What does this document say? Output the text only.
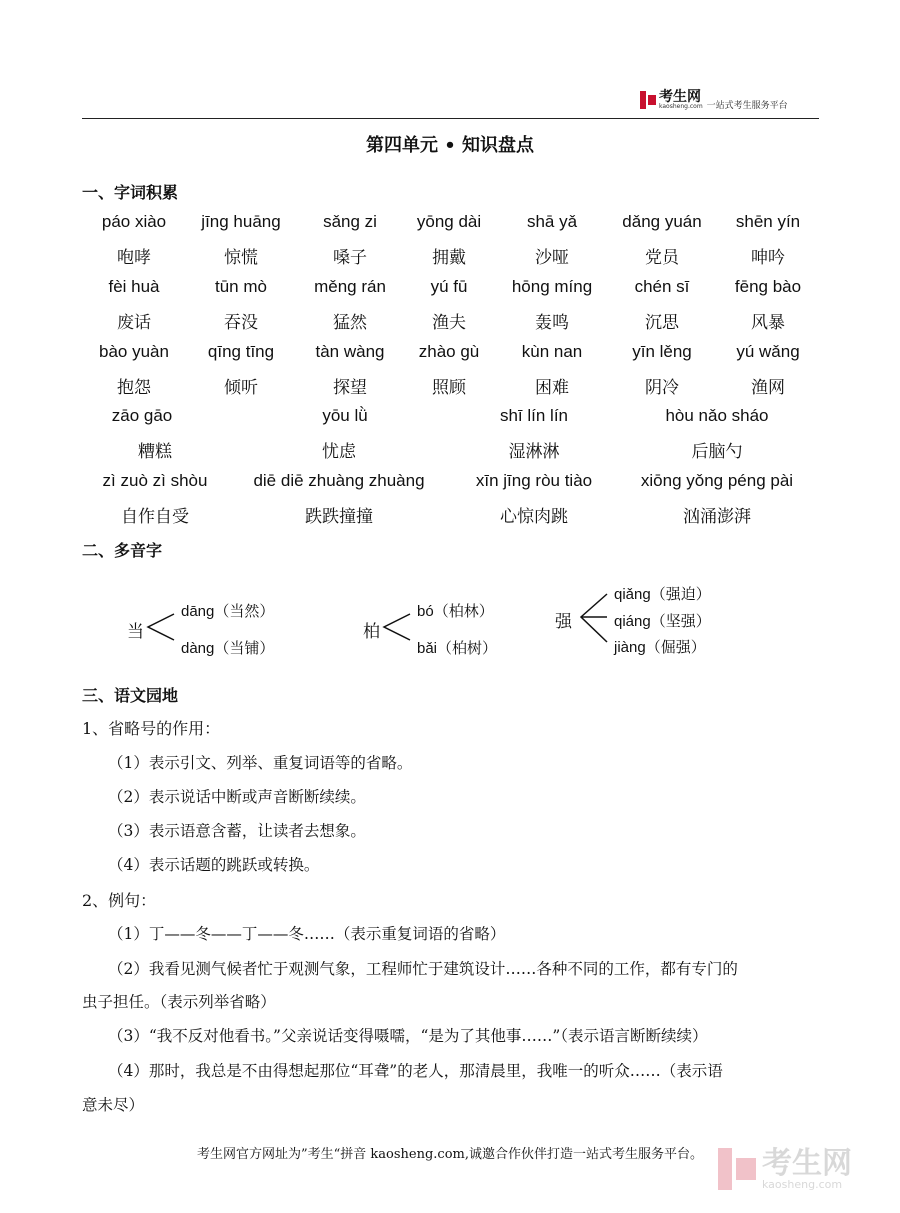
考生网
kaosheng.com 一站式考生服务平台
第四单元 • 知识盘点
一、字词积累
páo xiào
咆哮
jīng huāng
惊慌
sǎng zi
嗓子
yōng dài
拥戴
shā yǎ
沙哑
dǎng yuán
党员
shēn yín
呻吟
fèi huà
废话
tūn mò
吞没
měng rán
猛然
yú fū
渔夫
hōng míng
轰鸣
chén sī
沉思
fēng bào
风暴
bào yuàn
抱怨
qīng tīng
倾听
tàn wàng
探望
zhào gù
照顾
kùn nan
困难
yīn lěng
阴冷
yú wǎng
渔网
zāo gāo
糟糕
yōu lǜ
忧虑
shī lín lín
湿淋淋
hòu nǎo sháo
后脑勺
zì zuò zì shòu
自作自受
diē diē zhuàng zhuàng
跌跌撞撞
xīn jīng ròu tiào
心惊肉跳
xiōng yǒng péng pài
汹涌澎湃
二、多音字
当
dāng（当然）
dàng（当铺）
柏
bó（柏林）
bǎi（柏树）
强
qiǎng（强迫）
qiáng（坚强）
jiàng（倔强）
三、语文园地
1、省略号的作用：
（1）表示引文、列举、重复词语等的省略。
（2）表示说话中断或声音断断续续。
（3）表示语意含蓄，让读者去想象。
（4）表示话题的跳跃或转换。
2、例句：
（1）丁——冬——丁——冬……（表示重复词语的省略）
（2）我看见测气候者忙于观测气象，工程师忙于建筑设计……各种不同的工作，都有专门的
虫子担任。（表示列举省略）
（3）“我不反对他看书。”父亲说话变得嗫嚅，“是为了其他事……”（表示语言断断续续）
（4）那时，我总是不由得想起那位“耳聋”的老人，那清晨里，我唯一的听众……（表示语
意未尽）
考生网官方网址为”考生“拼音 kaosheng.com,诚邀合作伙伴打造一站式考生服务平台。	考生网
kaosheng.com
